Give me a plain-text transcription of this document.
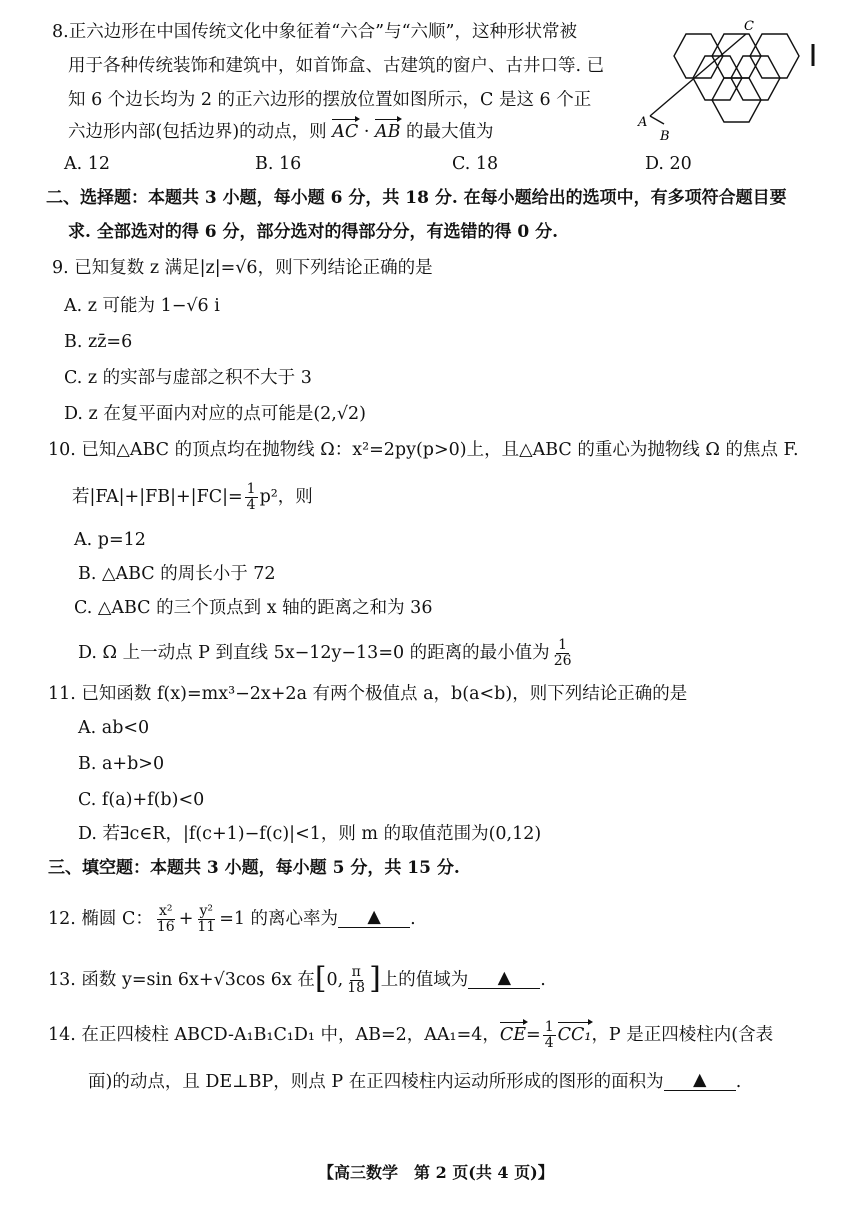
8.正六边形在中国传统文化中象征着“六合”与“六顺”，这种形状常被
用于各种传统装饰和建筑中，如首饰盒、古建筑的窗户、古井口等. 已
知 6 个边长均为 2 的正六边形的摆放位置如图所示，C 是这 6 个正
六边形内部(包括边界)的动点，则 AC · AB 的最大值为
A. 12	B. 16	C. 18	D. 20
A
B
C
二、选择题：本题共 3 小题，每小题 6 分，共 18 分. 在每小题给出的选项中，有多项符合题目要
求. 全部选对的得 6 分，部分选对的得部分分，有选错的得 0 分.
9. 已知复数 z 满足|z|=√6，则下列结论正确的是
A. z 可能为 1−√6 i
B. zz̄=6
C. z 的实部与虚部之积不大于 3
D. z 在复平面内对应的点可能是(2,√2)
10. 已知△ABC 的顶点均在抛物线 Ω：x²=2py(p>0)上，且△ABC 的重心为抛物线 Ω 的焦点 F.
若$|FA|+|FB|+|FC|= \frac{1}{4} p^2$，则
A. p=12
B. △ABC 的周长小于 72
C. △ABC 的三个顶点到 x 轴的距离之和为 36
D. Ω 上一动点 P 到直线 5x−12y−13=0 的距离的最小值为 $\frac{1}{26}$
11. 已知函数 f(x)=mx³−2x+2a 有两个极值点 a，b(a<b)，则下列结论正确的是
A. ab<0
B. a+b>0
C. f(a)+f(b)<0
D. 若∃c∈R，|f(c+1)−f(c)|<1，则 m 的取值范围为(0,12)
三、填空题：本题共 3 小题，每小题 5 分，共 15 分.
12. 椭圆 C： $\frac{\text{x²}}{16} + \frac{\text{y²}}{11} =1$ 的离心率为 ▲ .
13. 函数 y=sin 6x+√3cos 6x 在[0, $\frac{\pi}{18}$ ]上的值域为 ▲ .
14. 在正四棱柱 ABCD-A₁B₁C₁D₁ 中，AB=2，AA₁=4，$CE= \frac{1}{4} CC_1$，P 是正四棱柱内(含表
面)的动点，且 DE⊥BP，则点 P 在正四棱柱内运动所形成的图形的面积为 ▲ .
【高三数学　第 2 页(共 4 页)】
